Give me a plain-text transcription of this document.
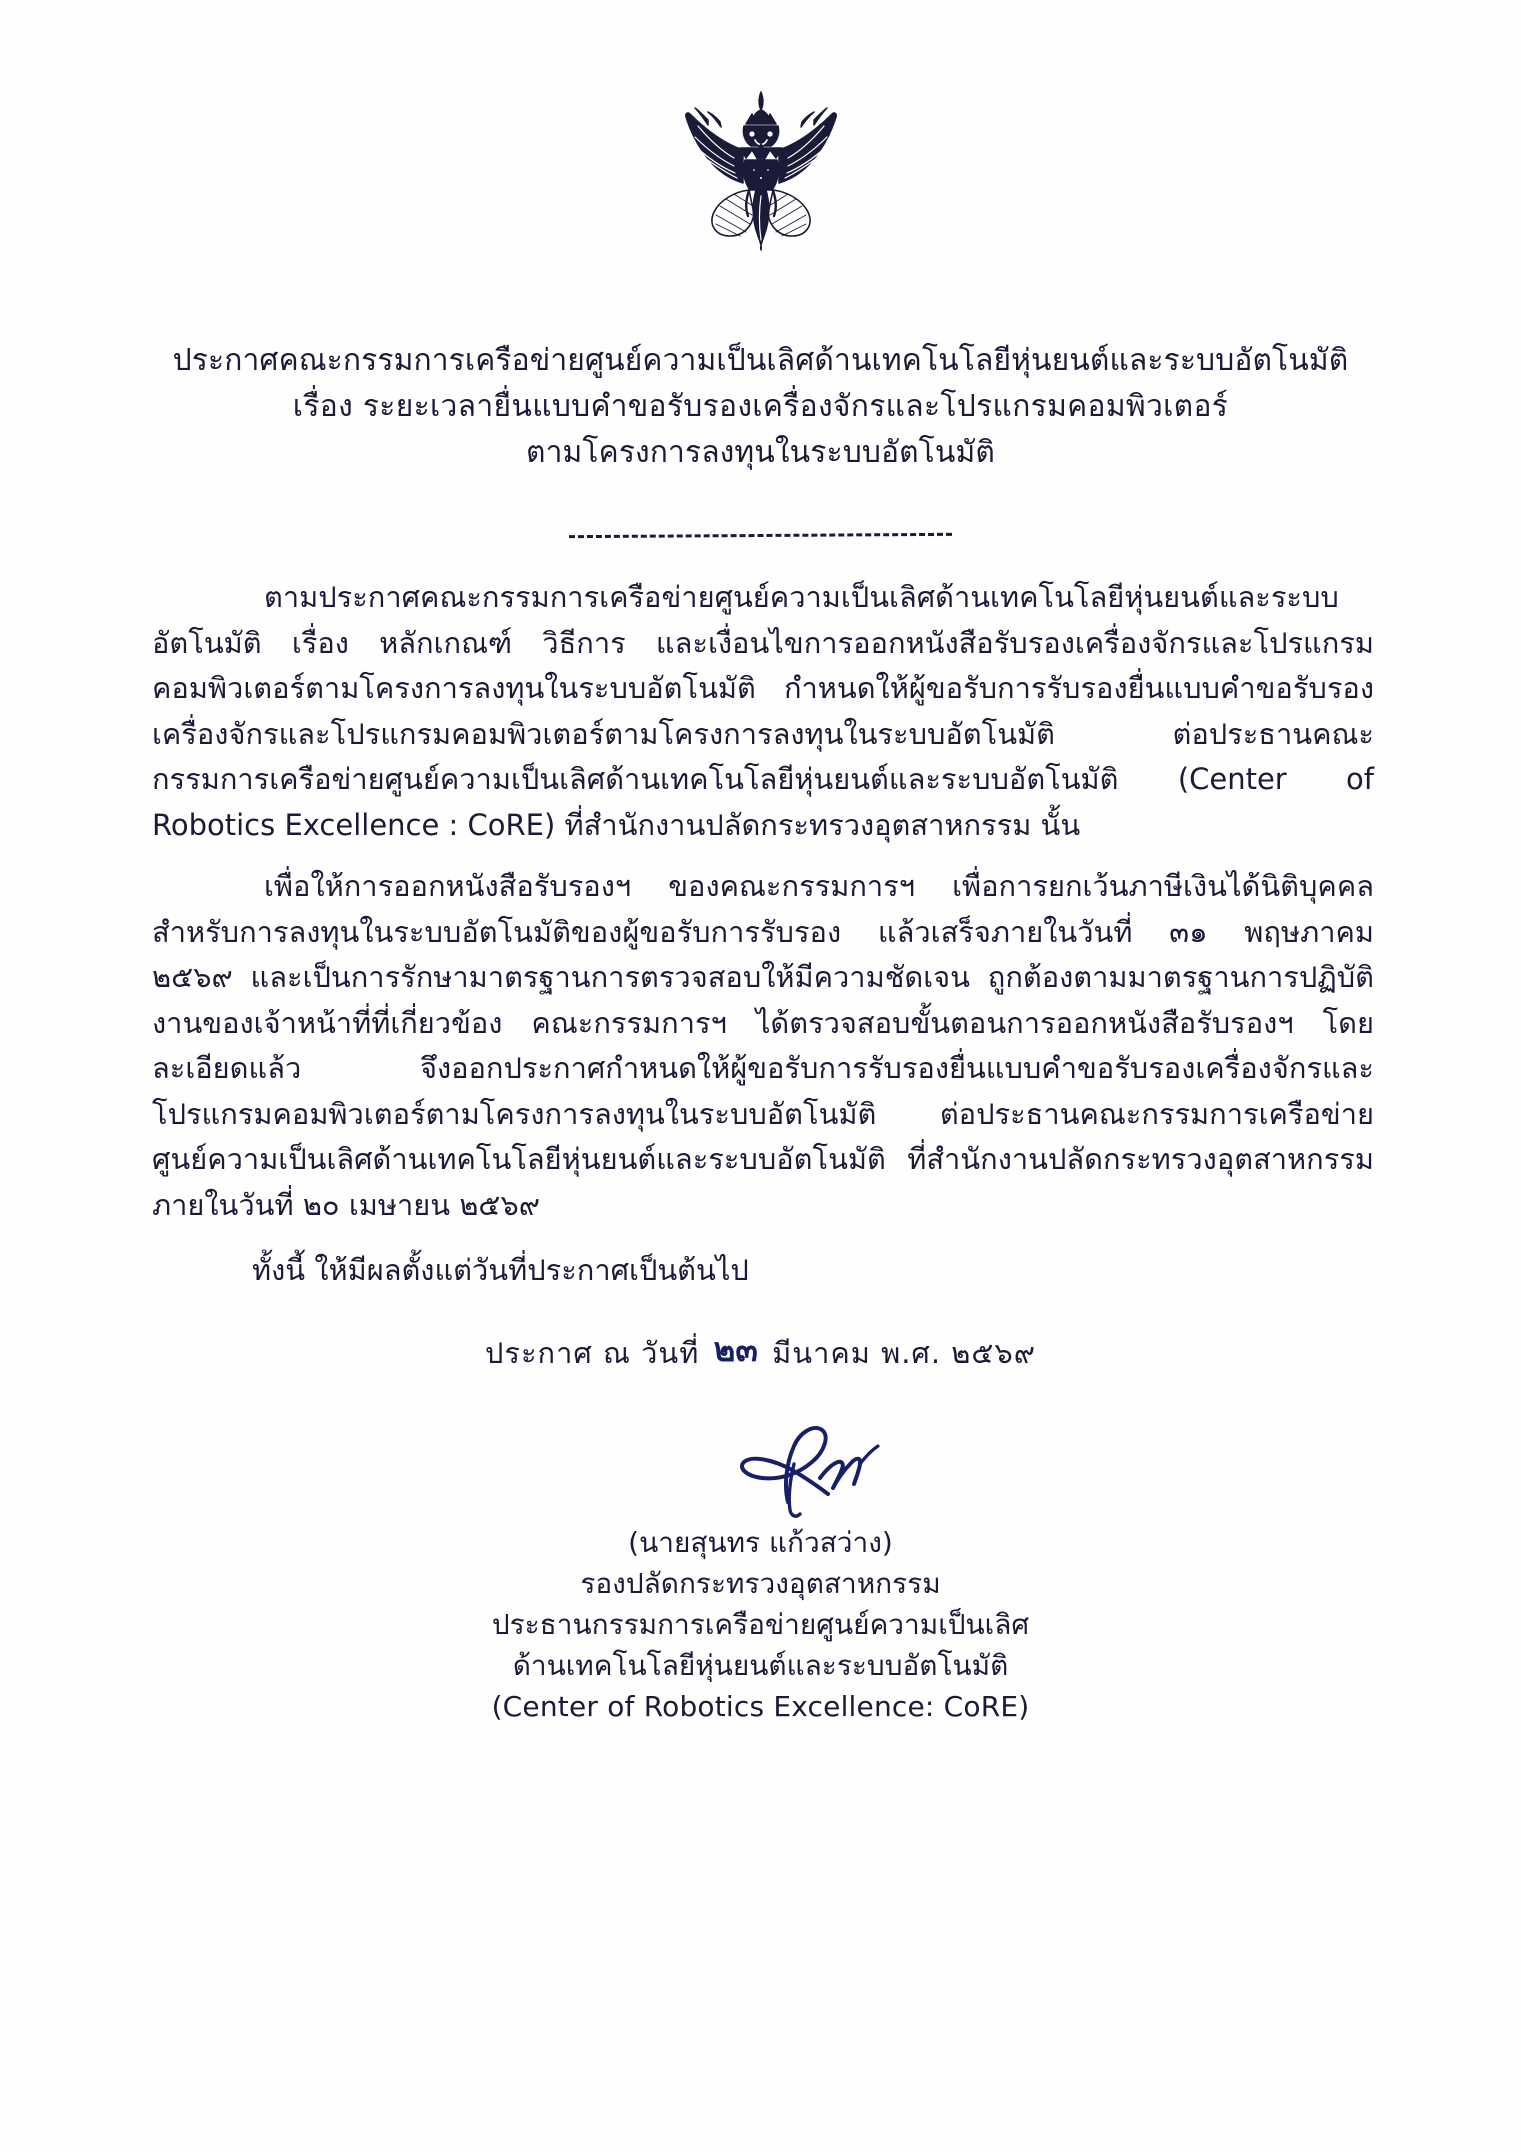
ประกาศคณะกรรมการเครือข่ายศูนย์ความเป็นเลิศด้านเทคโนโลยีหุ่นยนต์และระบบอัตโนมัติ
เรื่อง ระยะเวลายื่นแบบคำขอรับรองเครื่องจักรและโปรแกรมคอมพิวเตอร์
ตามโครงการลงทุนในระบบอัตโนมัติ

ตามประกาศคณะกรรมการเครือข่ายศูนย์ความเป็นเลิศด้านเทคโนโลยีหุ่นยนต์และระบบอัตโนมัติ เรื่อง หลักเกณฑ์ วิธีการ และเงื่อนไขการออกหนังสือรับรองเครื่องจักรและโปรแกรมคอมพิวเตอร์ตามโครงการลงทุนในระบบอัตโนมัติ กำหนดให้ผู้ขอรับการรับรองยื่นแบบคำขอรับรองเครื่องจักรและโปรแกรมคอมพิวเตอร์ตามโครงการลงทุนในระบบอัตโนมัติ ต่อประธานคณะกรรมการเครือข่ายศูนย์ความเป็นเลิศด้านเทคโนโลยีหุ่นยนต์และระบบอัตโนมัติ (Center of Robotics Excellence : CoRE) ที่สำนักงานปลัดกระทรวงอุตสาหกรรม นั้น

เพื่อให้การออกหนังสือรับรองฯ ของคณะกรรมการฯ เพื่อการยกเว้นภาษีเงินได้นิติบุคคลสำหรับการลงทุนในระบบอัตโนมัติของผู้ขอรับการรับรอง แล้วเสร็จภายในวันที่ ๓๑ พฤษภาคม ๒๕๖๙ และเป็นการรักษามาตรฐานการตรวจสอบให้มีความชัดเจน ถูกต้องตามมาตรฐานการปฏิบัติงานของเจ้าหน้าที่ที่เกี่ยวข้อง คณะกรรมการฯ ได้ตรวจสอบขั้นตอนการออกหนังสือรับรองฯ โดยละเอียดแล้ว จึงออกประกาศกำหนดให้ผู้ขอรับการรับรองยื่นแบบคำขอรับรองเครื่องจักรและโปรแกรมคอมพิวเตอร์ตามโครงการลงทุนในระบบอัตโนมัติ ต่อประธานคณะกรรมการเครือข่ายศูนย์ความเป็นเลิศด้านเทคโนโลยีหุ่นยนต์และระบบอัตโนมัติ ที่สำนักงานปลัดกระทรวงอุตสาหกรรม ภายในวันที่ ๒๐ เมษายน ๒๕๖๙

ทั้งนี้ ให้มีผลตั้งแต่วันที่ประกาศเป็นต้นไป

ประกาศ ณ วันที่ ๒๓ มีนาคม พ.ศ. ๒๕๖๙
(นายสุนทร แก้วสว่าง)
รองปลัดกระทรวงอุตสาหกรรม
ประธานกรรมการเครือข่ายศูนย์ความเป็นเลิศ
ด้านเทคโนโลยีหุ่นยนต์และระบบอัตโนมัติ
(Center of Robotics Excellence: CoRE)
